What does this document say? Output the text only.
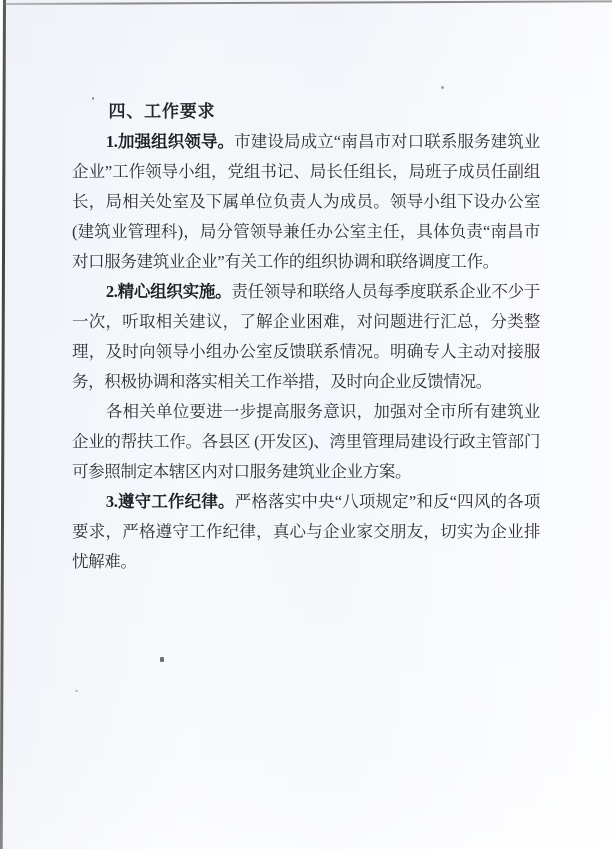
四、工作要求

1.加强组织领导。市建设局成立“南昌市对口联系服务建筑业企业”工作领导小组，党组书记、局长任组长，局班子成员任副组长，局相关处室及下属单位负责人为成员。领导小组下设办公室(建筑业管理科)，局分管领导兼任办公室主任，具体负责“南昌市对口服务建筑业企业”有关工作的组织协调和联络调度工作。

2.精心组织实施。责任领导和联络人员每季度联系企业不少于一次，听取相关建议，了解企业困难，对问题进行汇总，分类整理，及时向领导小组办公室反馈联系情况。明确专人主动对接服务，积极协调和落实相关工作举措，及时向企业反馈情况。

各相关单位要进一步提高服务意识，加强对全市所有建筑业企业的帮扶工作。各县区 (开发区)、湾里管理局建设行政主管部门可参照制定本辖区内对口服务建筑业企业方案。

3.遵守工作纪律。严格落实中央“八项规定”和反“四风的各项要求，严格遵守工作纪律，真心与企业家交朋友，切实为企业排忧解难。
